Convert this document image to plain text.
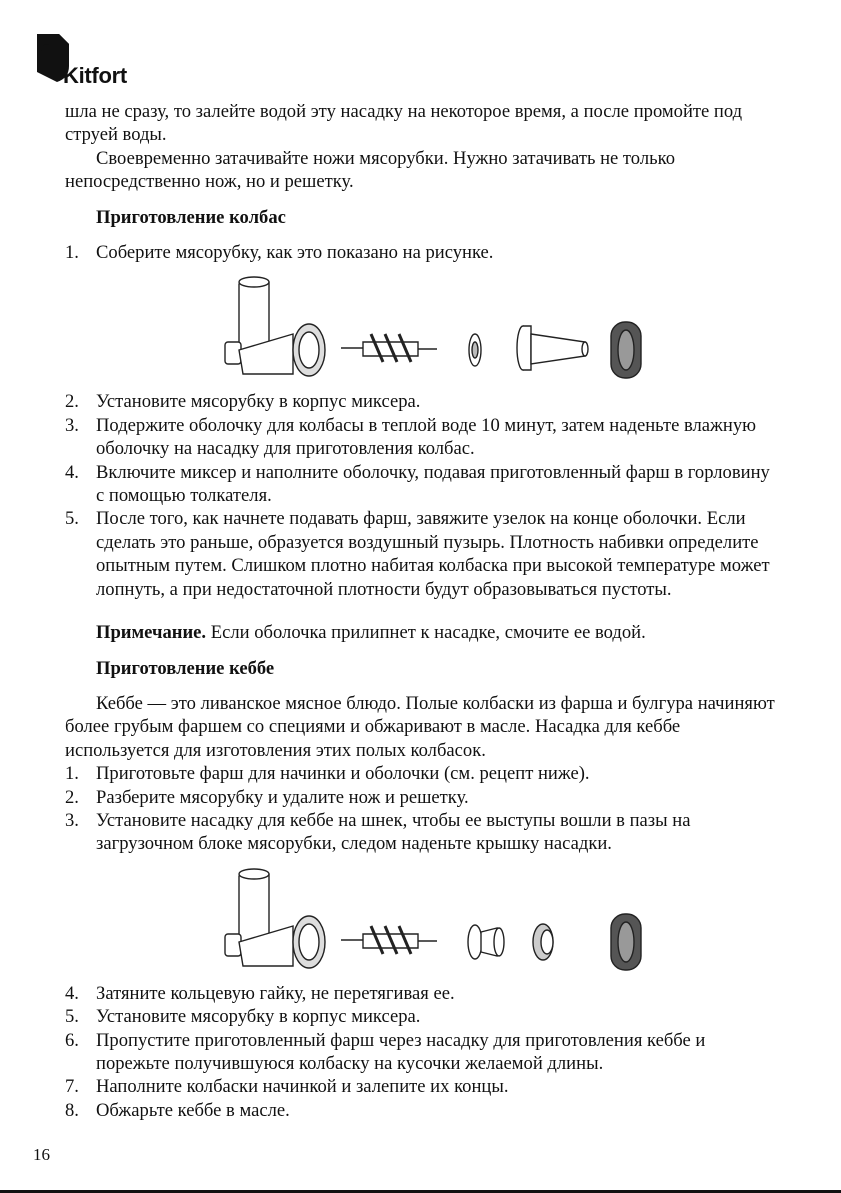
Kitfort

шла не сразу, то залейте водой эту насадку на некоторое время, а после промойте под струей воды.

Своевременно затачивайте ножи мясорубки. Нужно затачивать не только непосредственно нож, но и решетку.

Приготовление колбас

1. Соберите мясорубку, как это показано на рисунке.
2. Установите мясорубку в корпус миксера.
3. Подержите оболочку для колбасы в теплой воде 10 минут, затем наденьте влажную оболочку на насадку для приготовления колбас.
4. Включите миксер и наполните оболочку, подавая приготовленный фарш в горловину с помощью толкателя.
5. После того, как начнете подавать фарш, завяжите узелок на конце оболочки. Если сделать это раньше, образуется воздушный пузырь. Плотность набивки определите опытным путем. Слишком плотно набитая колбаска при высокой температуре может лопнуть, а при недостаточной плотности будут образовываться пустоты.

Примечание. Если оболочка прилипнет к насадке, смочите ее водой.

Приготовление кеббе

Кеббе — это ливанское мясное блюдо. Полые колбаски из фарша и булгура начиняют более грубым фаршем со специями и обжаривают в масле. Насадка для кеббе используется для изготовления этих полых колбасок.

1. Приготовьте фарш для начинки и оболочки (см. рецепт ниже).
2. Разберите мясорубку и удалите нож и решетку.
3. Установите насадку для кеббе на шнек, чтобы ее выступы вошли в пазы на загрузочном блоке мясорубки, следом наденьте крышку насадки.
4. Затяните кольцевую гайку, не перетягивая ее.
5. Установите мясорубку в корпус миксера.
6. Пропустите приготовленный фарш через насадку для приготовления кеббе и порежьте получившуюся колбаску на кусочки желаемой длины.
7. Наполните колбаски начинкой и залепите их концы.
8. Обжарьте кеббе в масле.
16
